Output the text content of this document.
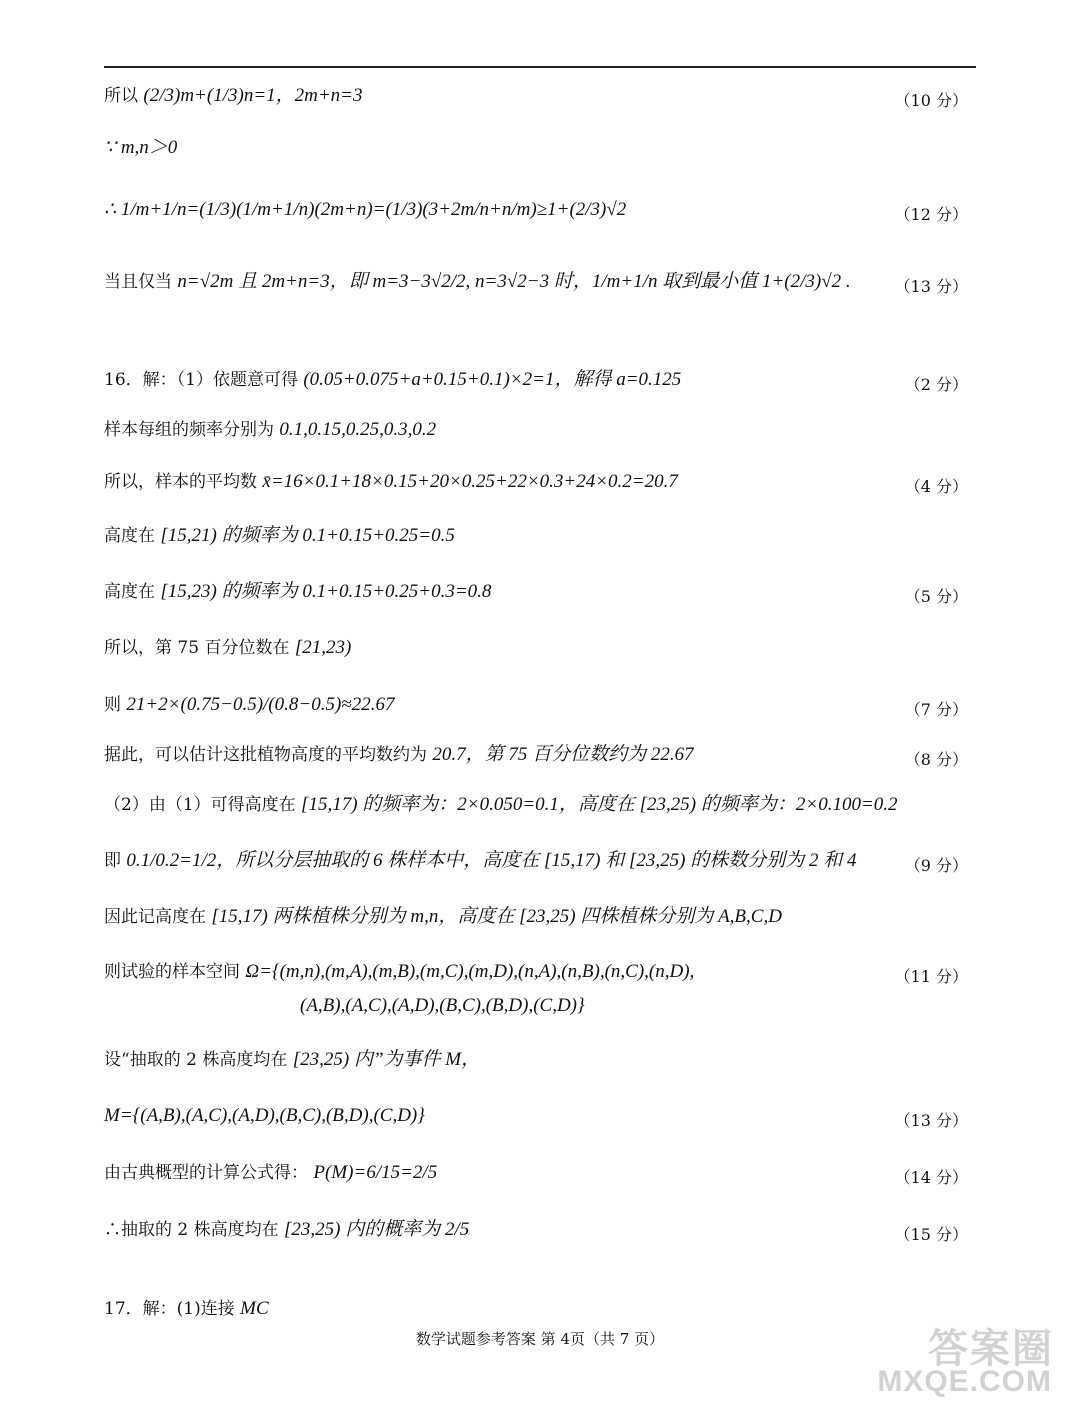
所以 (2/3)m+(1/3)n=1，2m+n=3	（10 分）
∵ m,n＞0
∴ 1/m+1/n=(1/3)(1/m+1/n)(2m+n)=(1/3)(3+2m/n+n/m)≥1+(2/3)√2	（12 分）
当且仅当 n=√2m 且 2m+n=3，即 m=3−3√2/2, n=3√2−3 时，1/m+1/n 取到最小值 1+(2/3)√2 .	（13 分）
16．解：（1）依题意可得 (0.05+0.075+a+0.15+0.1)×2=1，解得 a=0.125	（2 分）
样本每组的频率分别为 0.1,0.15,0.25,0.3,0.2
所以，样本的平均数 x̄=16×0.1+18×0.15+20×0.25+22×0.3+24×0.2=20.7	（4 分）
高度在 [15,21) 的频率为 0.1+0.15+0.25=0.5
高度在 [15,23) 的频率为 0.1+0.15+0.25+0.3=0.8	（5 分）
所以，第 75 百分位数在 [21,23)
则 21+2×(0.75−0.5)/(0.8−0.5)≈22.67	（7 分）
据此，可以估计这批植物高度的平均数约为 20.7，第 75 百分位数约为 22.67	（8 分）
（2）由（1）可得高度在 [15,17) 的频率为：2×0.050=0.1，高度在 [23,25) 的频率为：2×0.100=0.2
即 0.1/0.2=1/2，所以分层抽取的 6 株样本中，高度在 [15,17) 和 [23,25) 的株数分别为 2 和 4	（9 分）
因此记高度在 [15,17) 两株植株分别为 m,n，高度在 [23,25) 四株植株分别为 A,B,C,D
则试验的样本空间 Ω={(m,n),(m,A),(m,B),(m,C),(m,D),(n,A),(n,B),(n,C),(n,D),	（11 分）
(A,B),(A,C),(A,D),(B,C),(B,D),(C,D)}
设“抽取的 2 株高度均在 [23,25) 内”为事件 M，
M={(A,B),(A,C),(A,D),(B,C),(B,D),(C,D)}	（13 分）
由古典概型的计算公式得： P(M)=6/15=2/5	（14 分）
∴抽取的 2 株高度均在 [23,25) 内的概率为 2/5	（15 分）
17．解：(1)连接 MC
数学试题参考答案 第 4页（共 7 页）	答案圈
MXQE.COM
